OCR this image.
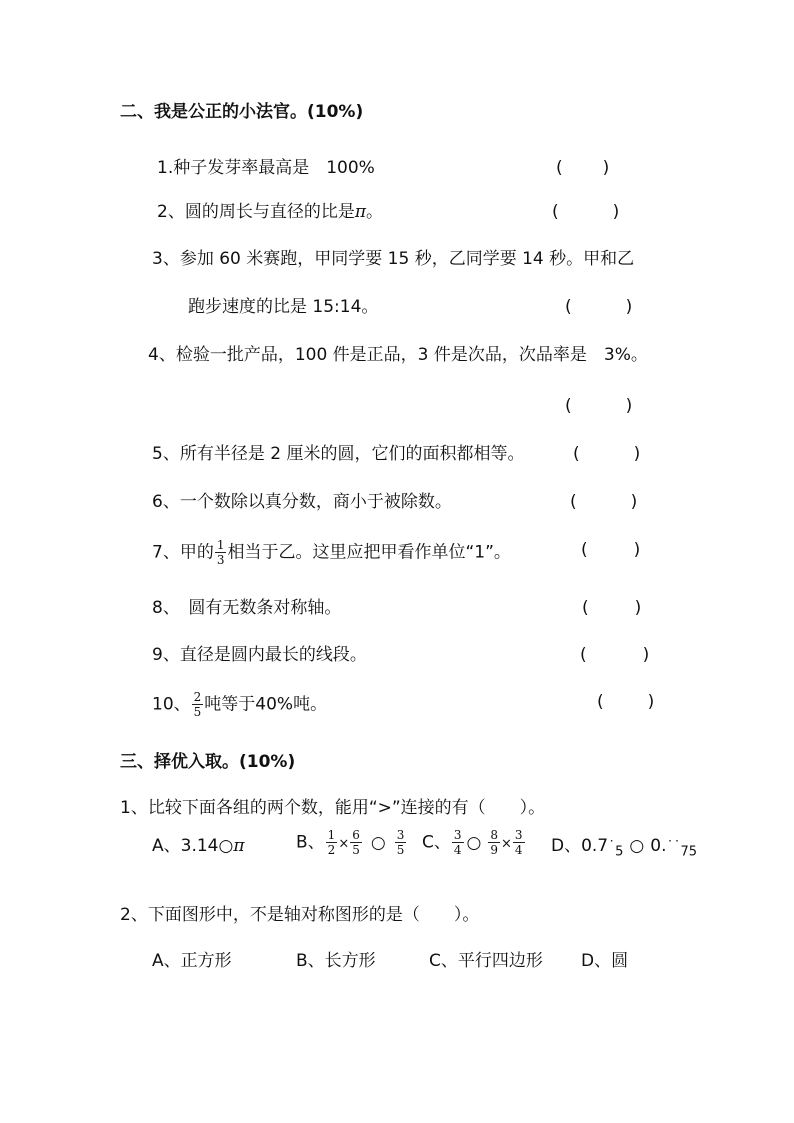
二、我是公正的小法官。(10%)
1.种子发芽率最高是　100%	( )
2、圆的周长与直径的比是π。	(	)
3、参加 60 米赛跑，甲同学要 15 秒，乙同学要 14 秒。甲和乙
跑步速度的比是 15:14。	(	)
4、检验一批产品，100 件是正品，3 件是次品，次品率是　3%。
(	)
5、所有半径是 2 厘米的圆，它们的面积都相等。	(	)
6、一个数除以真分数，商小于被除数。	(	)
7、甲的 $\frac{1}{3}$ 相当于乙。这里应把甲看作单位“1”。	(	)
8、　圆有无数条对称轴。	(	)
9、直径是圆内最长的线段。	(	)
10、 $\frac{2}{5}$ 吨等于40%吨。	(	)
三、择优入取。(10%)
1、比较下面各组的两个数，能用“>”连接的有（　　）。
A、3.14○π	B、 $\frac{1}{2} \times \frac{6}{5}$ ○ $\frac{3}{5}$ C、 $\frac{3}{4}$ ○ $\frac{8}{9} \times \frac{3}{4}$ D、$0.7˙_5$ ○ $0.˙˙_{75}$
2、下面图形中，不是轴对称图形的是（　　）。
A、正方形	B、长方形	C、平行四边形 D、圆
